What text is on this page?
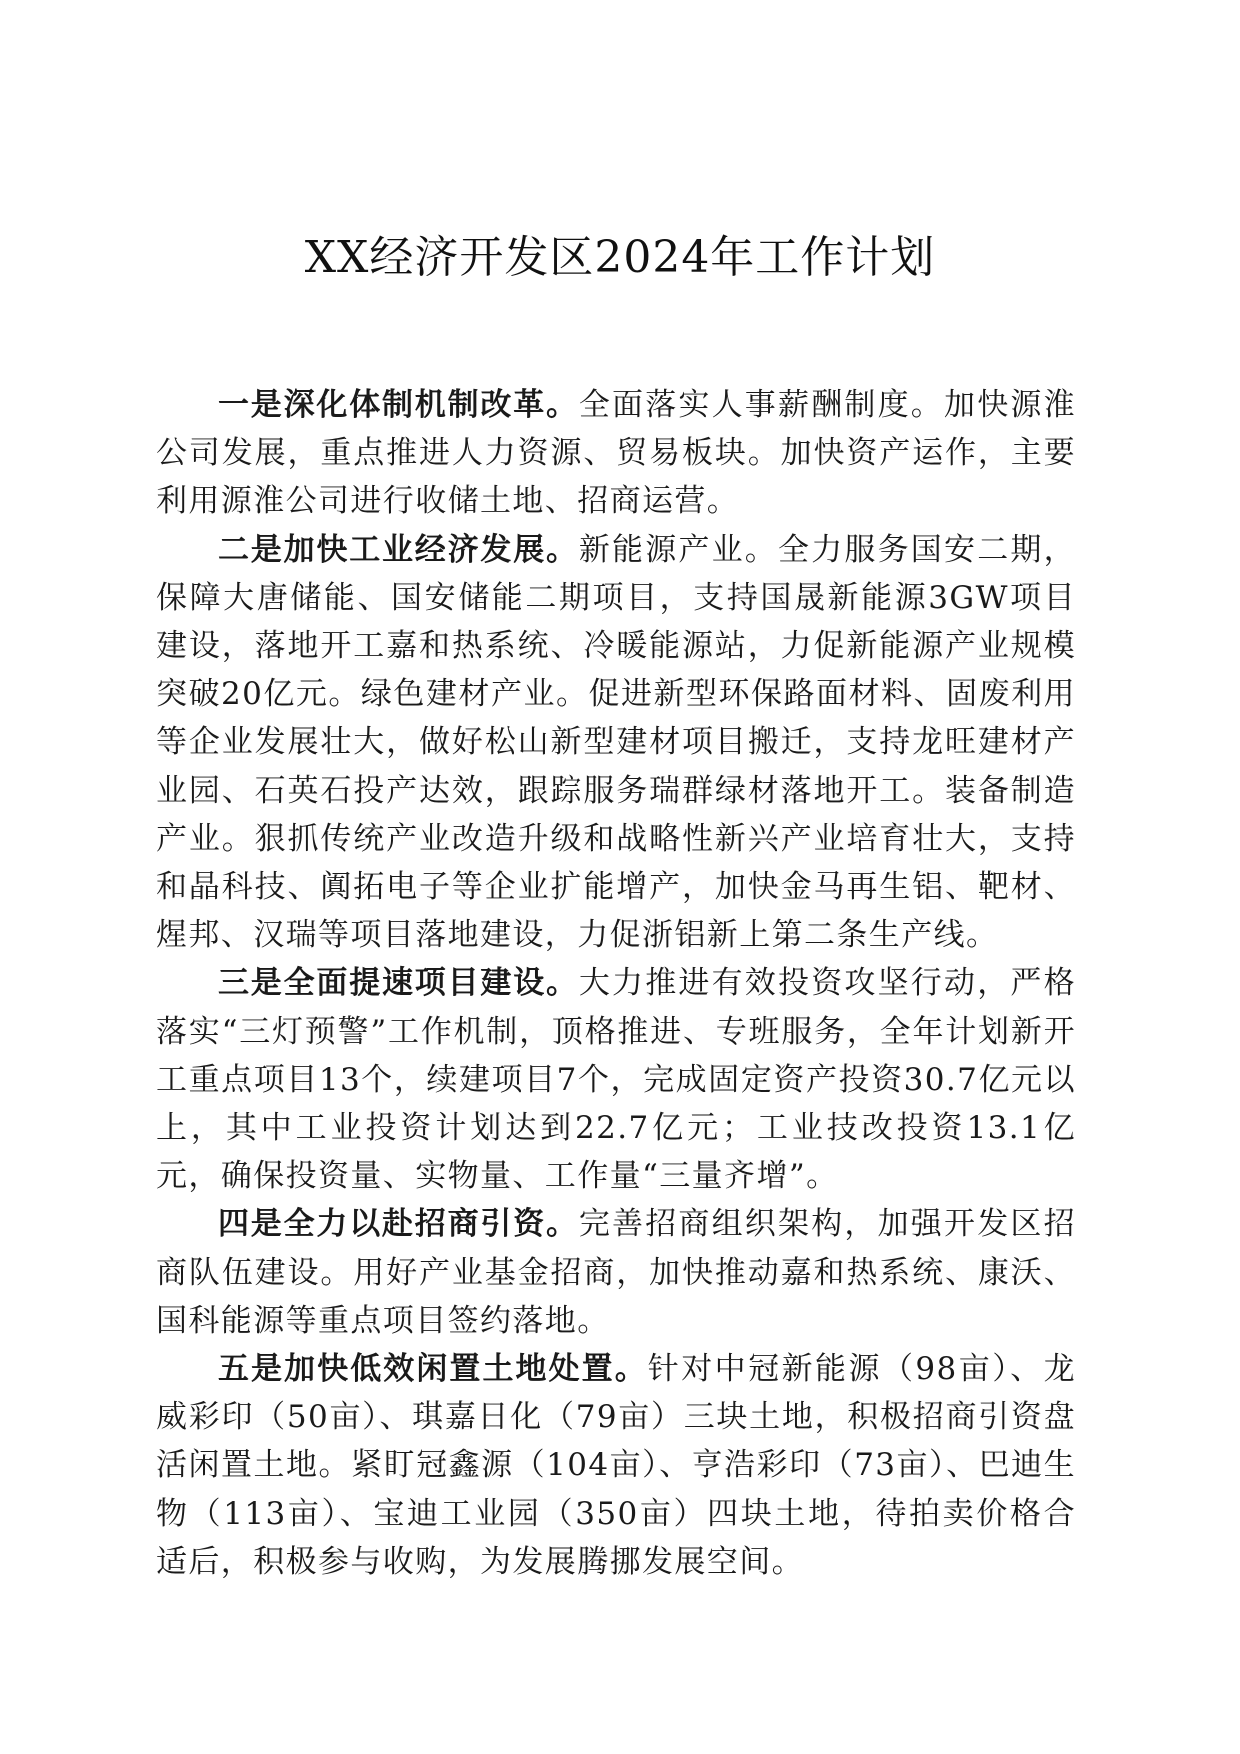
XX经济开发区2024年工作计划

一是深化体制机制改革。全面落实人事薪酬制度。加快源淮公司发展，重点推进人力资源、贸易板块。加快资产运作，主要利用源淮公司进行收储土地、招商运营。

二是加快工业经济发展。新能源产业。全力服务国安二期，保障大唐储能、国安储能二期项目，支持国晟新能源3GW项目建设，落地开工嘉和热系统、冷暖能源站，力促新能源产业规模突破20亿元。绿色建材产业。促进新型环保路面材料、固废利用等企业发展壮大，做好松山新型建材项目搬迁，支持龙旺建材产业园、石英石投产达效，跟踪服务瑞群绿材落地开工。装备制造产业。狠抓传统产业改造升级和战略性新兴产业培育壮大，支持和晶科技、阗拓电子等企业扩能增产，加快金马再生铝、靶材、煋邦、汉瑞等项目落地建设，力促浙铝新上第二条生产线。

三是全面提速项目建设。大力推进有效投资攻坚行动，严格落实“三灯预警”工作机制，顶格推进、专班服务，全年计划新开工重点项目13个，续建项目7个，完成固定资产投资30.7亿元以上，其中工业投资计划达到22.7亿元；工业技改投资13.1亿元，确保投资量、实物量、工作量“三量齐增”。

四是全力以赴招商引资。完善招商组织架构，加强开发区招商队伍建设。用好产业基金招商，加快推动嘉和热系统、康沃、国科能源等重点项目签约落地。

五是加快低效闲置土地处置。针对中冠新能源（98亩）、龙威彩印（50亩）、琪嘉日化（79亩）三块土地，积极招商引资盘活闲置土地。紧盯冠鑫源（104亩）、亨浩彩印（73亩）、巴迪生物（113亩）、宝迪工业园（350亩）四块土地，待拍卖价格合适后，积极参与收购，为发展腾挪发展空间。
